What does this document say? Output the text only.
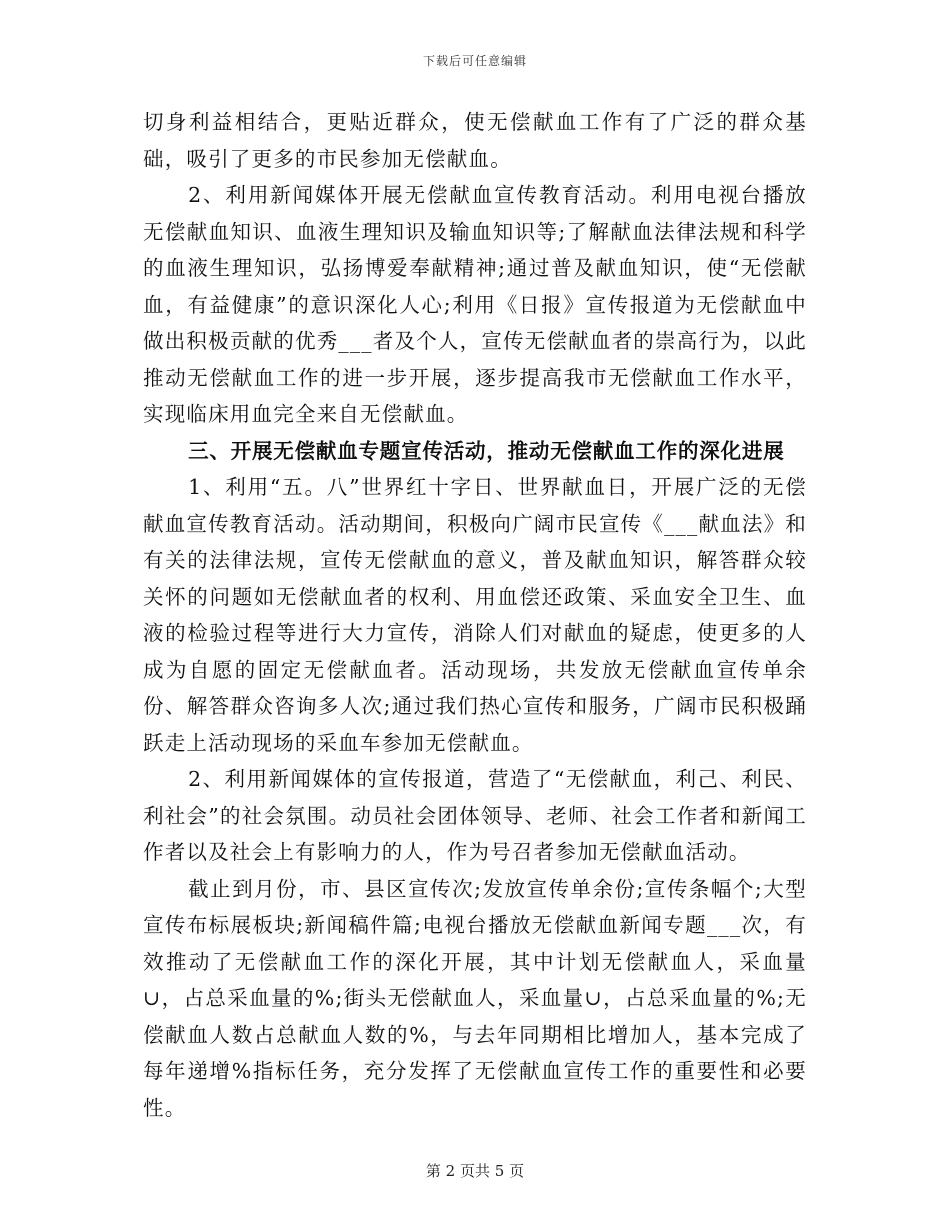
下载后可任意编辑

切身利益相结合，更贴近群众，使无偿献血工作有了广泛的群众基础，吸引了更多的市民参加无偿献血。

2、利用新闻媒体开展无偿献血宣传教育活动。利用电视台播放无偿献血知识、血液生理知识及输血知识等;了解献血法律法规和科学的血液生理知识，弘扬博爱奉献精神;通过普及献血知识，使“无偿献血，有益健康”的意识深化人心;利用《日报》宣传报道为无偿献血中做出积极贡献的优秀___者及个人，宣传无偿献血者的崇高行为，以此推动无偿献血工作的进一步开展，逐步提高我市无偿献血工作水平，实现临床用血完全来自无偿献血。

三、开展无偿献血专题宣传活动，推动无偿献血工作的深化进展

1、利用“五。八”世界红十字日、世界献血日，开展广泛的无偿献血宣传教育活动。活动期间，积极向广阔市民宣传《___献血法》和有关的法律法规，宣传无偿献血的意义，普及献血知识，解答群众较关怀的问题如无偿献血者的权利、用血偿还政策、采血安全卫生、血液的检验过程等进行大力宣传，消除人们对献血的疑虑，使更多的人成为自愿的固定无偿献血者。活动现场，共发放无偿献血宣传单余份、解答群众咨询多人次;通过我们热心宣传和服务，广阔市民积极踊跃走上活动现场的采血车参加无偿献血。

2、利用新闻媒体的宣传报道，营造了“无偿献血，利己、利民、利社会”的社会氛围。动员社会团体领导、老师、社会工作者和新闻工作者以及社会上有影响力的人，作为号召者参加无偿献血活动。

截止到月份，市、县区宣传次;发放宣传单余份;宣传条幅个;大型宣传布标展板块;新闻稿件篇;电视台播放无偿献血新闻专题___次，有效推动了无偿献血工作的深化开展，其中计划无偿献血人，采血量∪，占总采血量的%;街头无偿献血人，采血量∪，占总采血量的%;无偿献血人数占总献血人数的%，与去年同期相比增加人，基本完成了每年递增%指标任务，充分发挥了无偿献血宣传工作的重要性和必要性。

第 2 页共 5 页
